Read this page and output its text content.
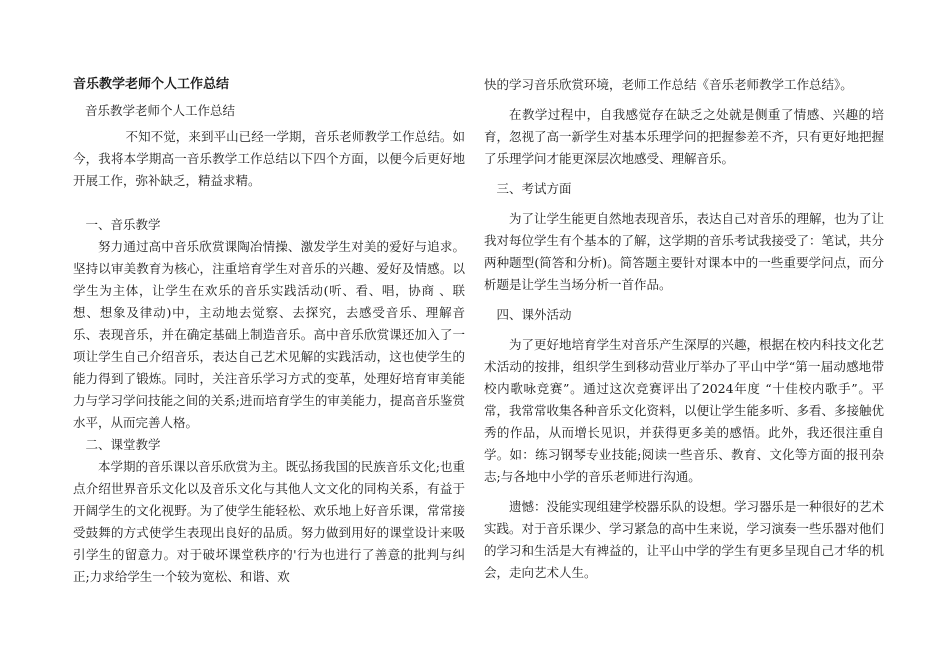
音乐教学老师个人工作总结
音乐教学老师个人工作总结

不知不觉，来到平山已经一学期，音乐老师教学工作总结。如今，我将本学期高一音乐教学工作总结以下四个方面，以便今后更好地开展工作，弥补缺乏，精益求精。

一、音乐教学

努力通过高中音乐欣赏课陶冶情操、激发学生对美的爱好与追求。坚持以审美教育为核心，注重培育学生对音乐的兴趣、爱好及情感。以学生为主体，让学生在欢乐的音乐实践活动(听、看、唱，协商 、联想、想象及律动)中，主动地去觉察、去探究，去感受音乐、理解音乐、表现音乐，并在确定基础上制造音乐。高中音乐欣赏课还加入了一项让学生自己介绍音乐，表达自己艺术见解的实践活动，这也使学生的能力得到了锻炼。同时，关注音乐学习方式的变革，处理好培育审美能力与学习学问技能之间的关系;进而培育学生的审美能力，提高音乐鉴赏水平，从而完善人格。

二、课堂教学

本学期的音乐课以音乐欣赏为主。既弘扬我国的民族音乐文化;也重点介绍世界音乐文化以及音乐文化与其他人文文化的同构关系，有益于开阔学生的文化视野。为了使学生能轻松、欢乐地上好音乐课，常常接受鼓舞的方式使学生表现出良好的品质。努力做到用好的课堂设计来吸引学生的留意力。对于破坏课堂秩序的'行为也进行了善意的批判与纠正;力求给学生一个较为宽松、和谐、欢

快的学习音乐欣赏环境，老师工作总结《音乐老师教学工作总结》。

在教学过程中，自我感觉存在缺乏之处就是侧重了情感、兴趣的培育，忽视了高一新学生对基本乐理学问的把握参差不齐，只有更好地把握了乐理学问才能更深层次地感受、理解音乐。

三、考试方面

为了让学生能更自然地表现音乐，表达自己对音乐的理解，也为了让我对每位学生有个基本的了解，这学期的音乐考试我接受了：笔试，共分两种题型(简答和分析)。简答题主要针对课本中的一些重要学问点，而分析题是让学生当场分析一首作品。

四、课外活动

为了更好地培育学生对音乐产生深厚的兴趣，根据在校内科技文化艺术活动的按排，组织学生到移动营业厅举办了平山中学“第一届动感地带校内歌咏竞赛”。通过这次竞赛评出了2024年度 “十佳校内歌手”。平常，我常常收集各种音乐文化资料，以便让学生能多听、多看、多接触优秀的作品，从而增长见识，并获得更多美的感悟。此外，我还很注重自学。如：练习钢琴专业技能;阅读一些音乐、教育、文化等方面的报刊杂志;与各地中小学的音乐老师进行沟通。

遗憾：没能实现组建学校器乐队的设想。学习器乐是一种很好的艺术实践。对于音乐课少、学习紧急的高中生来说，学习演奏一些乐器对他们的学习和生活是大有裨益的，让平山中学的学生有更多呈现自己才华的机会，走向艺术人生。
